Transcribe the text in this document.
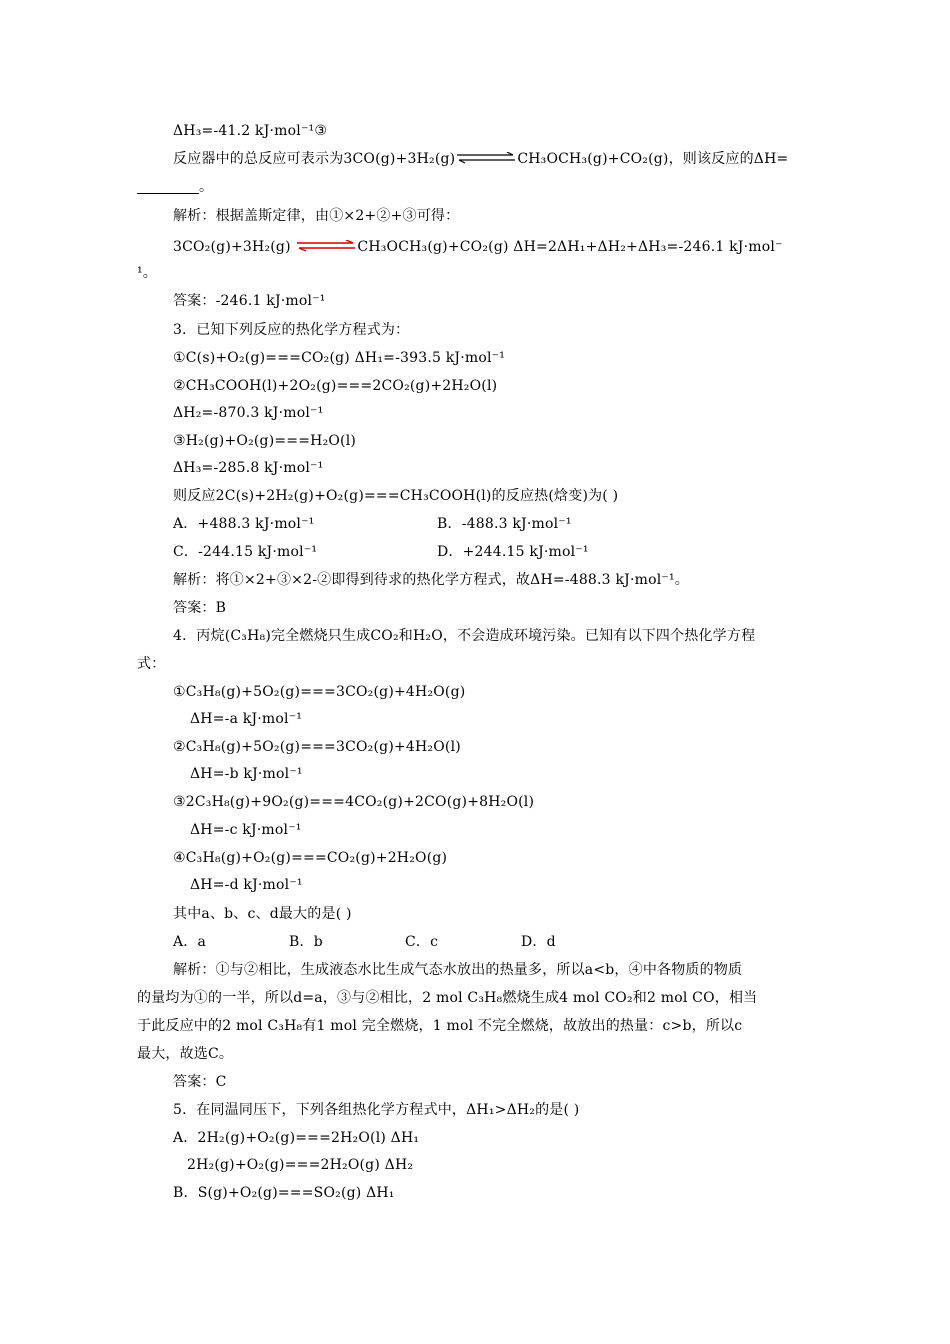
ΔH₃=-41.2 kJ·mol⁻¹③
反应器中的总反应可表示为3CO(g)+3H₂(g)	CH₃OCH₃(g)+CO₂(g)，则该反应的ΔH=
。
解析：根据盖斯定律，由①×2+②+③可得：
3CO₂(g)+3H₂(g)	CH₃OCH₃(g)+CO₂(g) ΔH=2ΔH₁+ΔH₂+ΔH₃=-246.1 kJ·mol⁻
¹。
答案：-246.1 kJ·mol⁻¹
3．已知下列反应的热化学方程式为：
①C(s)+O₂(g)===CO₂(g) ΔH₁=-393.5 kJ·mol⁻¹
②CH₃COOH(l)+2O₂(g)===2CO₂(g)+2H₂O(l)
ΔH₂=-870.3 kJ·mol⁻¹
③H₂(g)+O₂(g)===H₂O(l)
ΔH₃=-285.8 kJ·mol⁻¹
则反应2C(s)+2H₂(g)+O₂(g)===CH₃COOH(l)的反应热(焓变)为( )
A．+488.3 kJ·mol⁻¹	B．-488.3 kJ·mol⁻¹
C．-244.15 kJ·mol⁻¹	D．+244.15 kJ·mol⁻¹
解析：将①×2+③×2-②即得到待求的热化学方程式，故ΔH=-488.3 kJ·mol⁻¹。
答案：B
4．丙烷(C₃H₈)完全燃烧只生成CO₂和H₂O，不会造成环境污染。已知有以下四个热化学方程
式：
①C₃H₈(g)+5O₂(g)===3CO₂(g)+4H₂O(g)
ΔH=-a kJ·mol⁻¹
②C₃H₈(g)+5O₂(g)===3CO₂(g)+4H₂O(l)
ΔH=-b kJ·mol⁻¹
③2C₃H₈(g)+9O₂(g)===4CO₂(g)+2CO(g)+8H₂O(l)
ΔH=-c kJ·mol⁻¹
④C₃H₈(g)+O₂(g)===CO₂(g)+2H₂O(g)
ΔH=-d kJ·mol⁻¹
其中a、b、c、d最大的是( )
A．a	B．b	C．c	D．d
解析：①与②相比，生成液态水比生成气态水放出的热量多，所以a<b，④中各物质的物质
的量均为①的一半，所以d=a，③与②相比，2 mol C₃H₈燃烧生成4 mol CO₂和2 mol CO，相当
于此反应中的2 mol C₃H₈有1 mol 完全燃烧，1 mol 不完全燃烧，故放出的热量：c>b，所以c
最大，故选C。
答案：C
5．在同温同压下，下列各组热化学方程式中，ΔH₁>ΔH₂的是( )
A．2H₂(g)+O₂(g)===2H₂O(l) ΔH₁
2H₂(g)+O₂(g)===2H₂O(g) ΔH₂
B．S(g)+O₂(g)===SO₂(g) ΔH₁
